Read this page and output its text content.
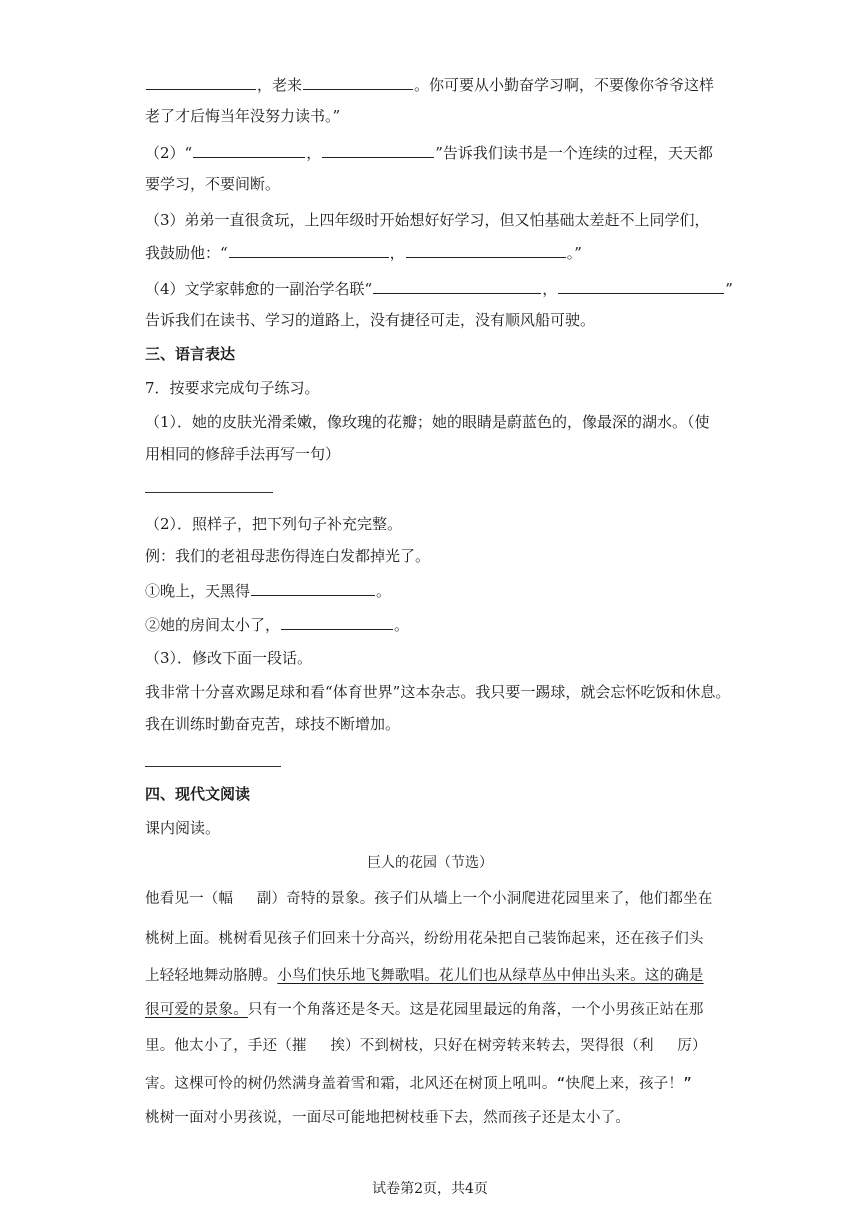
，老来	。你可要从小勤奋学习啊，不要像你爷爷这样
老了才后悔当年没努力读书。”
（2）“	，	”告诉我们读书是一个连续的过程，天天都
要学习，不要间断。
（3）弟弟一直很贪玩，上四年级时开始想好好学习，但又怕基础太差赶不上同学们，
我鼓励他：“	，	。”
（4）文学家韩愈的一副治学名联“	，	”
告诉我们在读书、学习的道路上，没有捷径可走，没有顺风船可驶。
三、语言表达
7．按要求完成句子练习。
（1）．她的皮肤光滑柔嫩，像玫瑰的花瓣；她的眼睛是蔚蓝色的，像最深的湖水。（使
用相同的修辞手法再写一句）
（2）．照样子，把下列句子补充完整。
例：我们的老祖母悲伤得连白发都掉光了。
①晚上，天黑得	。
②她的房间太小了，	。
（3）．修改下面一段话。
我非常十分喜欢踢足球和看“体育世界”这本杂志。我只要一踢球，就会忘怀吃饭和休息。
我在训练时勤奋克苦，球技不断增加。
四、现代文阅读
课内阅读。
巨人的花园（节选）
他看见一（幅　 副）奇特的景象。孩子们从墙上一个小洞爬进花园里来了，他们都坐在
桃树上面。桃树看见孩子们回来十分高兴，纷纷用花朵把自己装饰起来，还在孩子们头
上轻轻地舞动胳膊。小鸟们快乐地飞舞歌唱。花儿们也从绿草丛中伸出头来。这的确是
很可爱的景象。只有一个角落还是冬天。这是花园里最远的角落，一个小男孩正站在那
里。他太小了，手还（摧　 挨）不到树枝，只好在树旁转来转去，哭得很（利　 厉）
害。这棵可怜的树仍然满身盖着雪和霜，北风还在树顶上吼叫。“快爬上来，孩子！”
桃树一面对小男孩说，一面尽可能地把树枝垂下去，然而孩子还是太小了。
试卷第2页，共4页
